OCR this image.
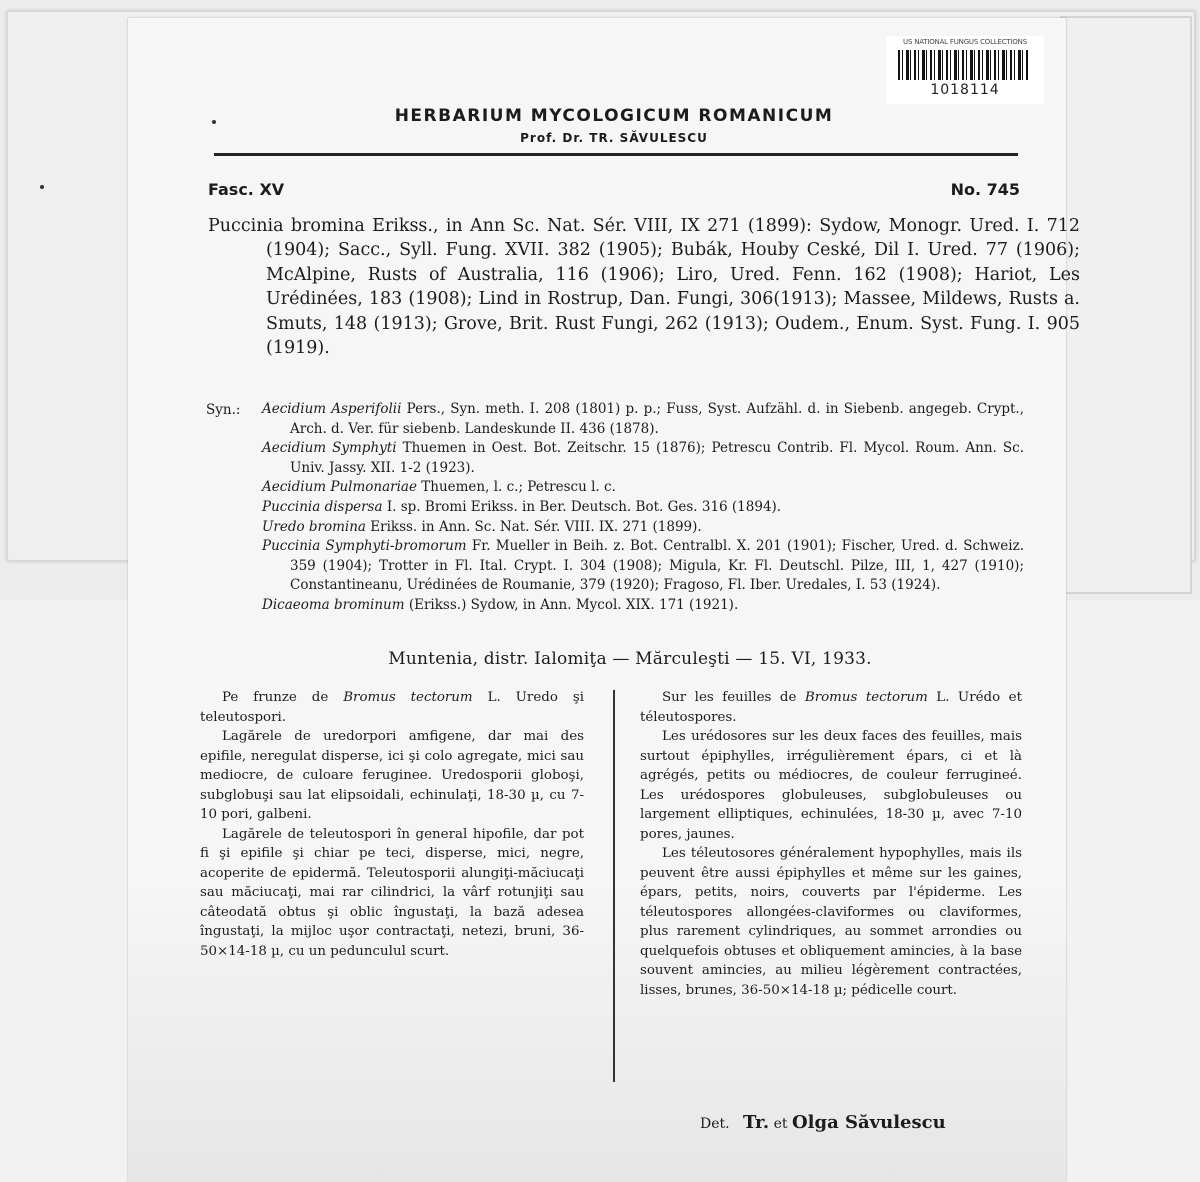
US NATIONAL FUNGUS COLLECTIONS
1018114
HERBARIUM MYCOLOGICUM ROMANICUM
Prof. Dr. TR. SĂVULESCU
Fasc. XV	No. 745
Puccinia bromina Erikss., in Ann Sc. Nat. Sér. VIII, IX 271 (1899): Sydow, Monogr. Ured. I. 712 (1904); Sacc., Syll. Fung. XVII. 382 (1905); Bubák, Houby Ceské, Dil I. Ured. 77 (1906); McAlpine, Rusts of Australia, 116 (1906); Liro, Ured. Fenn. 162 (1908); Hariot, Les Urédinées, 183 (1908); Lind in Rostrup, Dan. Fungi, 306(1913); Massee, Mildews, Rusts a. Smuts, 148 (1913); Grove, Brit. Rust Fungi, 262 (1913); Oudem., Enum. Syst. Fung. I. 905 (1919).
Syn.: Aecidium Asperifolii Pers., Syn. meth. I. 208 (1801) p. p.; Fuss, Syst. Aufzähl. d. in Siebenb. angegeb. Crypt., Arch. d. Ver. für siebenb. Landeskunde II. 436 (1878).
Aecidium Symphyti Thuemen in Oest. Bot. Zeitschr. 15 (1876); Petrescu Contrib. Fl. Mycol. Roum. Ann. Sc. Univ. Jassy. XII. 1-2 (1923).
Aecidium Pulmonariae Thuemen, l. c.; Petrescu l. c.
Puccinia dispersa I. sp. Bromi Erikss. in Ber. Deutsch. Bot. Ges. 316 (1894).
Uredo bromina Erikss. in Ann. Sc. Nat. Sér. VIII. IX. 271 (1899).
Puccinia Symphyti-bromorum Fr. Mueller in Beih. z. Bot. Centralbl. X. 201 (1901); Fischer, Ured. d. Schweiz. 359 (1904); Trotter in Fl. Ital. Crypt. I. 304 (1908); Migula, Kr. Fl. Deutschl. Pilze, III, 1, 427 (1910); Constantineanu, Urédinées de Roumanie, 379 (1920); Fragoso, Fl. Iber. Uredales, I. 53 (1924).
Dicaeoma brominum (Erikss.) Sydow, in Ann. Mycol. XIX. 171 (1921).
Muntenia, distr. Ialomiţa — Mărculeşti — 15. VI, 1933.

Pe frunze de Bromus tectorum L. Uredo şi teleutospori.

Lagărele de uredorpori amfigene, dar mai des epifile, neregulat disperse, ici şi colo agregate, mici sau mediocre, de culoare feruginee. Uredosporii globoşi, subglobuşi sau lat elipsoidali, echinulaţi, 18-30 µ, cu 7-10 pori, galbeni.

Lagărele de teleutospori în general hipofile, dar pot fi şi epifile şi chiar pe teci, disperse, mici, negre, acoperite de epidermă. Teleutosporii alungiţi-măciucaţi sau măciucaţi, mai rar cilindrici, la vârf rotunjiţi sau câteodată obtus şi oblic îngustaţi, la bază adesea îngustaţi, la mijloc uşor contractaţi, netezi, bruni, 36-50×14-18 µ, cu un pedunculul scurt.

Sur les feuilles de Bromus tectorum L. Urédo et téleutospores.

Les urédosores sur les deux faces des feuilles, mais surtout épiphylles, irrégulièrement épars, ci et là agrégés, petits ou médiocres, de couleur ferrugineé. Les urédospores globuleuses, subglobuleuses ou largement elliptiques, echinulées, 18-30 µ, avec 7-10 pores, jaunes.

Les téleutosores généralement hypophylles, mais ils peuvent être aussi épiphylles et même sur les gaines, épars, petits, noirs, couverts par l'épiderme. Les téleutospores allongées-claviformes ou claviformes, plus rarement cylindriques, au sommet arrondies ou quelquefois obtuses et obliquement amincies, à la base souvent amincies, au milieu légèrement contractées, lisses, brunes, 36-50×14-18 µ; pédicelle court.

Det. Tr. et Olga Săvulescu
